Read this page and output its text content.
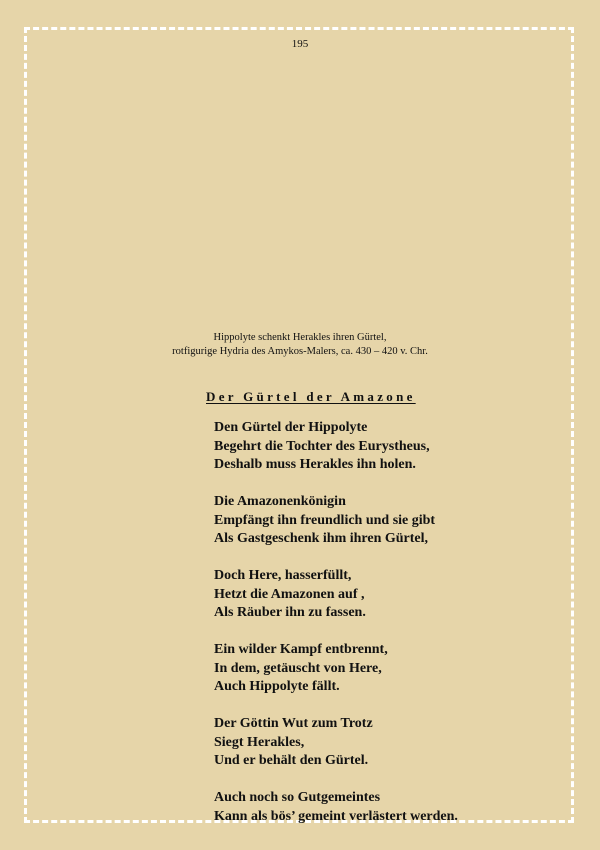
195
Hippolyte schenkt Herakles ihren Gürtel,
rotfigurige Hydria des Amykos-Malers, ca. 430 – 420 v. Chr.
Der Gürtel der Amazone
Den Gürtel der Hippolyte
Begehrt die Tochter des Eurystheus,
Deshalb muss Herakles ihn holen.
Die Amazonenkönigin
Empfängt ihn freundlich und sie gibt
Als Gastgeschenk ihm ihren Gürtel,
Doch Here, hasserfüllt,
Hetzt die Amazonen auf ,
Als Räuber ihn zu fassen.
Ein wilder Kampf entbrennt,
In dem, getäuscht von Here,
Auch Hippolyte fällt.
Der Göttin Wut zum Trotz
Siegt Herakles,
Und er behält den Gürtel.
Auch noch so Gutgemeintes
Kann als bös’ gemeint verlästert werden.
